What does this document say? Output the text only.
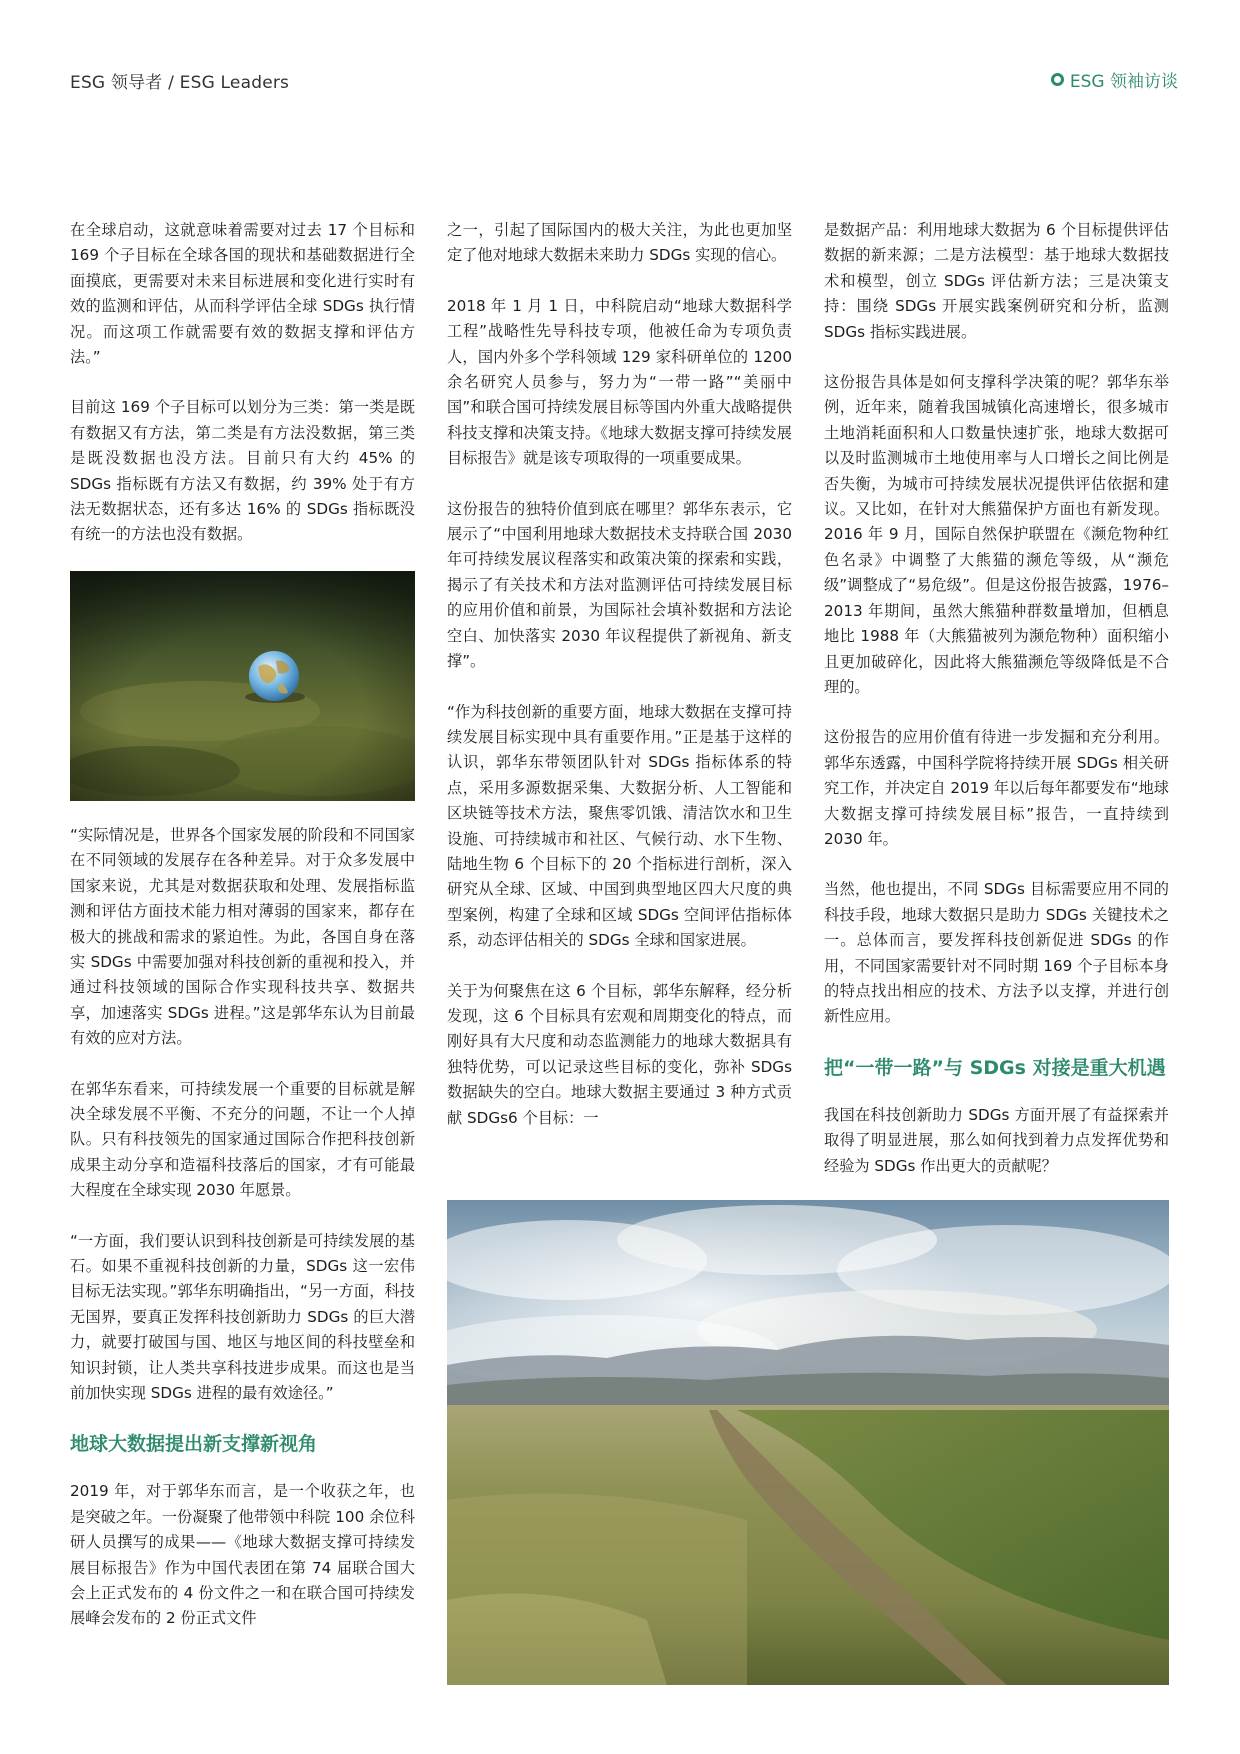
ESG 领导者 / ESG Leaders	ESG 领袖访谈

在全球启动，这就意味着需要对过去 17 个目标和 169 个子目标在全球各国的现状和基础数据进行全面摸底，更需要对未来目标进展和变化进行实时有效的监测和评估，从而科学评估全球 SDGs 执行情况。而这项工作就需要有效的数据支撑和评估方法。”

目前这 169 个子目标可以划分为三类：第一类是既有数据又有方法，第二类是有方法没数据，第三类是既没数据也没方法。目前只有大约 45% 的 SDGs 指标既有方法又有数据，约 39% 处于有方法无数据状态，还有多达 16% 的 SDGs 指标既没有统一的方法也没有数据。

“实际情况是，世界各个国家发展的阶段和不同国家在不同领域的发展存在各种差异。对于众多发展中国家来说，尤其是对数据获取和处理、发展指标监测和评估方面技术能力相对薄弱的国家来，都存在极大的挑战和需求的紧迫性。为此，各国自身在落实 SDGs 中需要加强对科技创新的重视和投入，并通过科技领域的国际合作实现科技共享、数据共享，加速落实 SDGs 进程。”这是郭华东认为目前最有效的应对方法。

在郭华东看来，可持续发展一个重要的目标就是解决全球发展不平衡、不充分的问题，不让一个人掉队。只有科技领先的国家通过国际合作把科技创新成果主动分享和造福科技落后的国家，才有可能最大程度在全球实现 2030 年愿景。

“一方面，我们要认识到科技创新是可持续发展的基石。如果不重视科技创新的力量，SDGs 这一宏伟目标无法实现。”郭华东明确指出，“另一方面，科技无国界，要真正发挥科技创新助力 SDGs 的巨大潜力，就要打破国与国、地区与地区间的科技壁垒和知识封锁，让人类共享科技进步成果。而这也是当前加快实现 SDGs 进程的最有效途径。”

地球大数据提出新支撑新视角

2019 年，对于郭华东而言，是一个收获之年，也是突破之年。一份凝聚了他带领中科院 100 余位科研人员撰写的成果——《地球大数据支撑可持续发展目标报告》作为中国代表团在第 74 届联合国大会上正式发布的 4 份文件之一和在联合国可持续发展峰会发布的 2 份正式文件

之一，引起了国际国内的极大关注，为此也更加坚定了他对地球大数据未来助力 SDGs 实现的信心。

2018 年 1 月 1 日，中科院启动“地球大数据科学工程”战略性先导科技专项，他被任命为专项负责人，国内外多个学科领域 129 家科研单位的 1200 余名研究人员参与，努力为“一带一路”“美丽中国”和联合国可持续发展目标等国内外重大战略提供科技支撑和决策支持。《地球大数据支撑可持续发展目标报告》就是该专项取得的一项重要成果。

这份报告的独特价值到底在哪里？郭华东表示，它展示了“中国利用地球大数据技术支持联合国 2030 年可持续发展议程落实和政策决策的探索和实践，揭示了有关技术和方法对监测评估可持续发展目标的应用价值和前景，为国际社会填补数据和方法论空白、加快落实 2030 年议程提供了新视角、新支撑”。

“作为科技创新的重要方面，地球大数据在支撑可持续发展目标实现中具有重要作用。”正是基于这样的认识，郭华东带领团队针对 SDGs 指标体系的特点，采用多源数据采集、大数据分析、人工智能和区块链等技术方法，聚焦零饥饿、清洁饮水和卫生设施、可持续城市和社区、气候行动、水下生物、陆地生物 6 个目标下的 20 个指标进行剖析，深入研究从全球、区域、中国到典型地区四大尺度的典型案例，构建了全球和区域 SDGs 空间评估指标体系，动态评估相关的 SDGs 全球和国家进展。

关于为何聚焦在这 6 个目标，郭华东解释，经分析发现，这 6 个目标具有宏观和周期变化的特点，而刚好具有大尺度和动态监测能力的地球大数据具有独特优势，可以记录这些目标的变化，弥补 SDGs 数据缺失的空白。地球大数据主要通过 3 种方式贡献 SDGs6 个目标：一

是数据产品：利用地球大数据为 6 个目标提供评估数据的新来源；二是方法模型：基于地球大数据技术和模型，创立 SDGs 评估新方法；三是决策支持：围绕 SDGs 开展实践案例研究和分析，监测 SDGs 指标实践进展。

这份报告具体是如何支撑科学决策的呢？郭华东举例，近年来，随着我国城镇化高速增长，很多城市土地消耗面积和人口数量快速扩张，地球大数据可以及时监测城市土地使用率与人口增长之间比例是否失衡，为城市可持续发展状况提供评估依据和建议。又比如，在针对大熊猫保护方面也有新发现。2016 年 9 月，国际自然保护联盟在《濒危物种红色名录》中调整了大熊猫的濒危等级，从“濒危级”调整成了“易危级”。但是这份报告披露，1976–2013 年期间，虽然大熊猫种群数量增加，但栖息地比 1988 年（大熊猫被列为濒危物种）面积缩小且更加破碎化，因此将大熊猫濒危等级降低是不合理的。

这份报告的应用价值有待进一步发掘和充分利用。郭华东透露，中国科学院将持续开展 SDGs 相关研究工作，并决定自 2019 年以后每年都要发布“地球大数据支撑可持续发展目标”报告，一直持续到 2030 年。

当然，他也提出，不同 SDGs 目标需要应用不同的科技手段，地球大数据只是助力 SDGs 关键技术之一。总体而言，要发挥科技创新促进 SDGs 的作用，不同国家需要针对不同时期 169 个子目标本身的特点找出相应的技术、方法予以支撑，并进行创新性应用。

把“一带一路”与 SDGs 对接是重大机遇

我国在科技创新助力 SDGs 方面开展了有益探索并取得了明显进展，那么如何找到着力点发挥优势和经验为 SDGs 作出更大的贡献呢？
